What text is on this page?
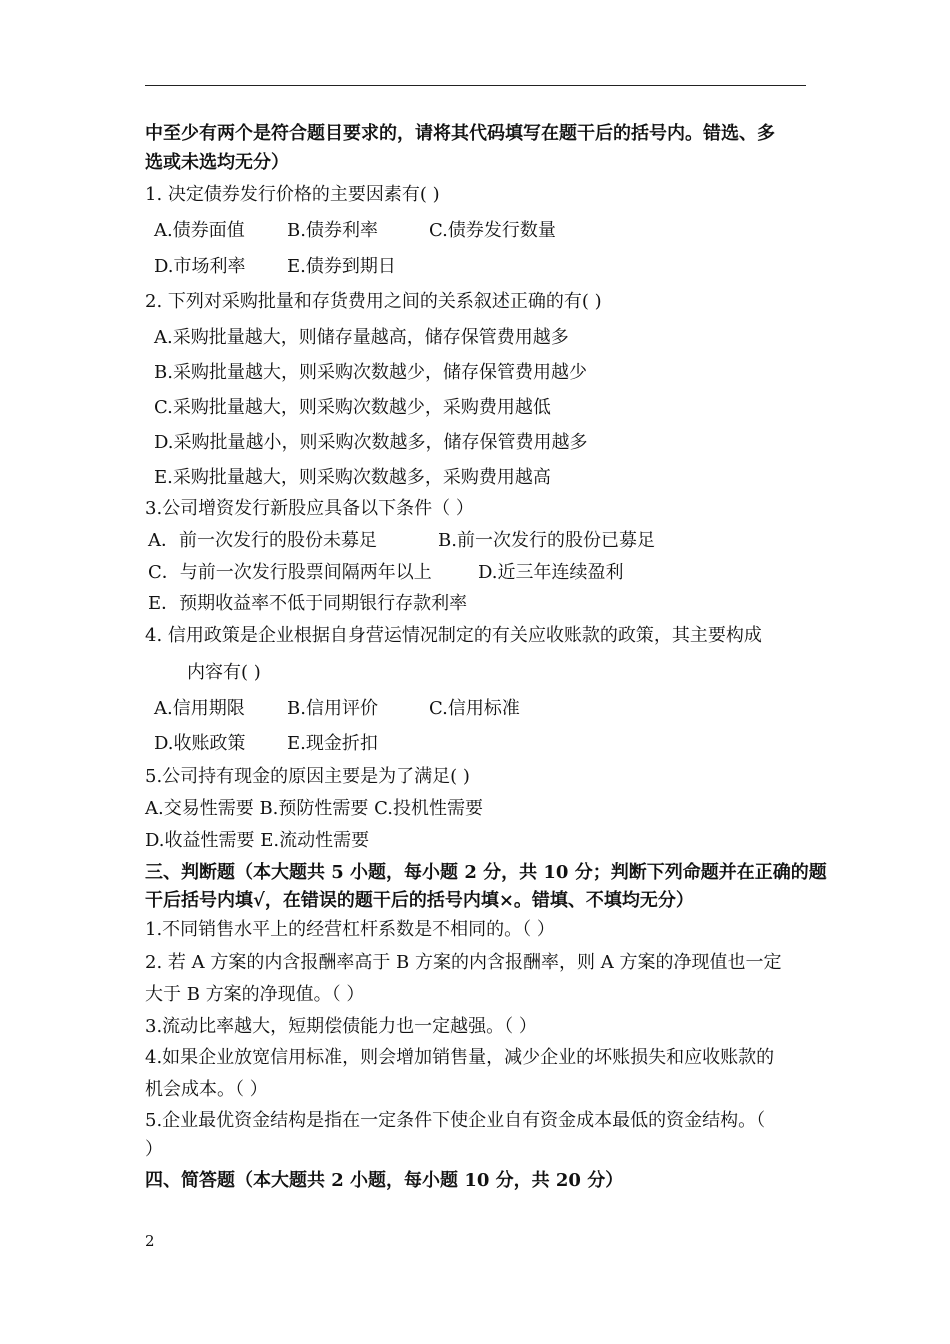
中至少有两个是符合题目要求的，请将其代码填写在题干后的括号内。错选、多
选或未选均无分）
1. 决定债券发行价格的主要因素有( )
A.债券面值 B.债券利率	C.债券发行数量
D.市场利率 E.债券到期日
2. 下列对采购批量和存货费用之间的关系叙述正确的有( )
A.采购批量越大，则储存量越高，储存保管费用越多
B.采购批量越大，则采购次数越少，储存保管费用越少
C.采购批量越大，则采购次数越少，采购费用越低
D.采购批量越小，则采购次数越多，储存保管费用越多
E.采购批量越大，则采购次数越多，采购费用越高
3.公司增资发行新股应具备以下条件（ ）
A．前一次发行的股份未募足	B.前一次发行的股份已募足
C．与前一次发行股票间隔两年以上	D.近三年连续盈利
E．预期收益率不低于同期银行存款利率
4. 信用政策是企业根据自身营运情况制定的有关应收账款的政策，其主要构成
内容有( )
A.信用期限 B.信用评价	C.信用标准
D.收账政策 E.现金折扣
5.公司持有现金的原因主要是为了满足( )
A.交易性需要 B.预防性需要 C.投机性需要
D.收益性需要 E.流动性需要
三、判断题（本大题共 5 小题，每小题 2 分，共 10 分；判断下列命题并在正确的题
干后括号内填√，在错误的题干后的括号内填×。错填、不填均无分）
1.不同销售水平上的经营杠杆系数是不相同的。（ ）
2. 若 A 方案的内含报酬率高于 B 方案的内含报酬率，则 A 方案的净现值也一定
大于 B 方案的净现值。（ ）
3.流动比率越大，短期偿债能力也一定越强。（ ）
4.如果企业放宽信用标准，则会增加销售量，减少企业的坏账损失和应收账款的
机会成本。（ ）
5.企业最优资金结构是指在一定条件下使企业自有资金成本最低的资金结构。（
）
四、简答题（本大题共 2 小题，每小题 10 分，共 20 分）
2
